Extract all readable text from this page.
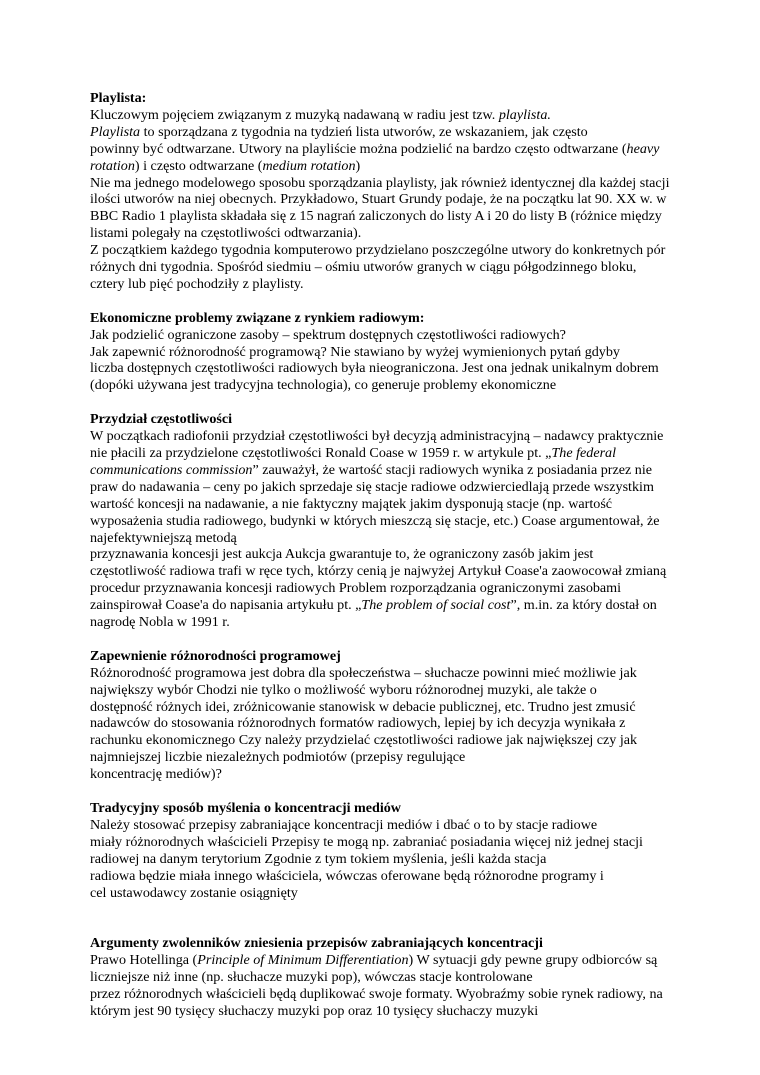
Playlista:
Kluczowym pojęciem związanym z muzyką nadawaną w radiu jest tzw. playlista.
Playlista to sporządzana z tygodnia na tydzień lista utworów, ze wskazaniem, jak często
powinny być odtwarzane. Utwory na playliście można podzielić na bardzo często odtwarzane (heavy
rotation) i często odtwarzane (medium rotation)
Nie ma jednego modelowego sposobu sporządzania playlisty, jak również identycznej dla każdej stacji
ilości utworów na niej obecnych. Przykładowo, Stuart Grundy podaje, że na początku lat 90. XX w. w
BBC Radio 1 playlista składała się z 15 nagrań zaliczonych do listy A i 20 do listy B (różnice między
listami polegały na częstotliwości odtwarzania).
Z początkiem każdego tygodnia komputerowo przydzielano poszczególne utwory do konkretnych pór
różnych dni tygodnia. Spośród siedmiu – ośmiu utworów granych w ciągu półgodzinnego bloku,
cztery lub pięć pochodziły z playlisty.
Ekonomiczne problemy związane z rynkiem radiowym:
Jak podzielić ograniczone zasoby – spektrum dostępnych częstotliwości radiowych?
Jak zapewnić różnorodność programową? Nie stawiano by wyżej wymienionych pytań gdyby
liczba dostępnych częstotliwości radiowych była nieograniczona. Jest ona jednak unikalnym dobrem
(dopóki używana jest tradycyjna technologia), co generuje problemy ekonomiczne
Przydział częstotliwości
W początkach radiofonii przydział częstotliwości był decyzją administracyjną – nadawcy praktycznie
nie płacili za przydzielone częstotliwości Ronald Coase w 1959 r. w artykule pt. „The federal
communications commission” zauważył, że wartość stacji radiowych wynika z posiadania przez nie
praw do nadawania – ceny po jakich sprzedaje się stacje radiowe odzwierciedlają przede wszystkim
wartość koncesji na nadawanie, a nie faktyczny majątek jakim dysponują stacje (np. wartość
wyposażenia studia radiowego, budynki w których mieszczą się stacje, etc.) Coase argumentował, że
najefektywniejszą metodą
przyznawania koncesji jest aukcja Aukcja gwarantuje to, że ograniczony zasób jakim jest
częstotliwość radiowa trafi w ręce tych, którzy cenią je najwyżej Artykuł Coase'a zaowocował zmianą
procedur przyznawania koncesji radiowych Problem rozporządzania ograniczonymi zasobami
zainspirował Coase'a do napisania artykułu pt. „The problem of social cost”, m.in. za który dostał on
nagrodę Nobla w 1991 r.
Zapewnienie różnorodności programowej
Różnorodność programowa jest dobra dla społeczeństwa – słuchacze powinni mieć możliwie jak
największy wybór Chodzi nie tylko o możliwość wyboru różnorodnej muzyki, ale także o
dostępność różnych idei, zróżnicowanie stanowisk w debacie publicznej, etc. Trudno jest zmusić
nadawców do stosowania różnorodnych formatów radiowych, lepiej by ich decyzja wynikała z
rachunku ekonomicznego Czy należy przydzielać częstotliwości radiowe jak największej czy jak
najmniejszej liczbie niezależnych podmiotów (przepisy regulujące
koncentrację mediów)?
Tradycyjny sposób myślenia o koncentracji mediów
Należy stosować przepisy zabraniające koncentracji mediów i dbać o to by stacje radiowe
miały różnorodnych właścicieli Przepisy te mogą np. zabraniać posiadania więcej niż jednej stacji
radiowej na danym terytorium Zgodnie z tym tokiem myślenia, jeśli każda stacja
radiowa będzie miała innego właściciela, wówczas oferowane będą różnorodne programy i
cel ustawodawcy zostanie osiągnięty
Argumenty zwolenników zniesienia przepisów zabraniających koncentracji
Prawo Hotellinga (Principle of Minimum Differentiation) W sytuacji gdy pewne grupy odbiorców są
liczniejsze niż inne (np. słuchacze muzyki pop), wówczas stacje kontrolowane
przez różnorodnych właścicieli będą duplikować swoje formaty. Wyobraźmy sobie rynek radiowy, na
którym jest 90 tysięcy słuchaczy muzyki pop oraz 10 tysięcy słuchaczy muzyki
